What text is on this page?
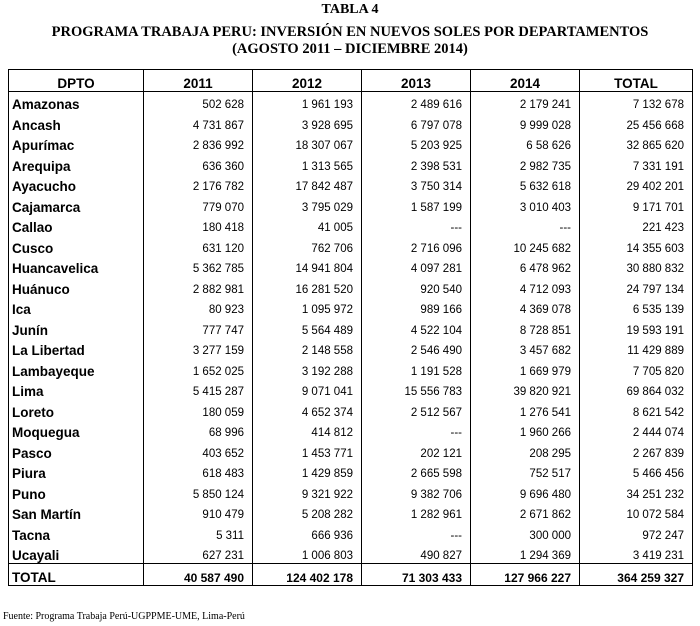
TABLA 4
PROGRAMA TRABAJA PERU: INVERSIÓN EN NUEVOS SOLES POR DEPARTAMENTOS
(AGOSTO 2011 – DICIEMBRE 2014)
DPTO	2011	2012	2013	2014	TOTAL
Amazonas	502 628	1 961 193	2 489 616	2 179 241	7 132 678
Ancash	4 731 867	3 928 695	6 797 078	9 999 028	25 456 668
Apurímac	2 836 992	18 307 067	5 203 925	6 58 626	32 865 620
Arequipa	636 360	1 313 565	2 398 531	2 982 735	7 331 191
Ayacucho	2 176 782	17 842 487	3 750 314	5 632 618	29 402 201
Cajamarca	779 070	3 795 029	1 587 199	3 010 403	9 171 701
Callao	180 418	41 005	---	---	221 423
Cusco	631 120	762 706	2 716 096	10 245 682	14 355 603
Huancavelica	5 362 785	14 941 804	4 097 281	6 478 962	30 880 832
Huánuco	2 882 981	16 281 520	920 540	4 712 093	24 797 134
Ica	80 923	1 095 972	989 166	4 369 078	6 535 139
Junín	777 747	5 564 489	4 522 104	8 728 851	19 593 191
La Libertad	3 277 159	2 148 558	2 546 490	3 457 682	11 429 889
Lambayeque	1 652 025	3 192 288	1 191 528	1 669 979	7 705 820
Lima	5 415 287	9 071 041	15 556 783	39 820 921	69 864 032
Loreto	180 059	4 652 374	2 512 567	1 276 541	8 621 542
Moquegua	68 996	414 812	---	1 960 266	2 444 074
Pasco	403 652	1 453 771	202 121	208 295	2 267 839
Piura	618 483	1 429 859	2 665 598	752 517	5 466 456
Puno	5 850 124	9 321 922	9 382 706	9 696 480	34 251 232
San Martín	910 479	5 208 282	1 282 961	2 671 862	10 072 584
Tacna	5 311	666 936	---	300 000	972 247
Ucayali	627 231	1 006 803	490 827	1 294 369	3 419 231
TOTAL	40 587 490	124 402 178	71 303 433	127 966 227	364 259 327
Fuente: Programa Trabaja Perú-UGPPME-UME, Lima-Perú
